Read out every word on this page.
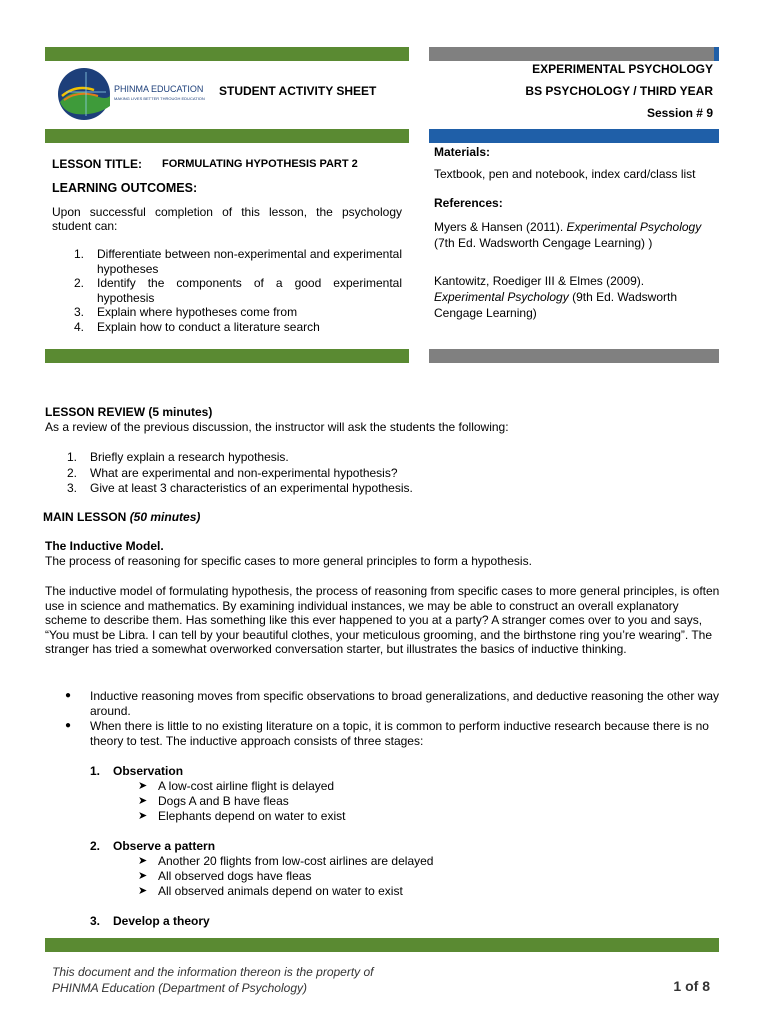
PHINMA EDUCATION
MAKING LIVES BETTER THROUGH EDUCATION
STUDENT ACTIVITY SHEET
EXPERIMENTAL PSYCHOLOGY
BS PSYCHOLOGY / THIRD YEAR
Session # 9
LESSON TITLE: FORMULATING HYPOTHESIS PART 2
LEARNING OUTCOMES:
Upon successful completion of this lesson, the psychology student can:
1. Differentiate between non-experimental and experimental hypotheses
2. Identify the components of a good experimental hypothesis
3. Explain where hypotheses come from
4. Explain how to conduct a literature search
Materials:
Textbook, pen and notebook, index card/class list
References:
Myers & Hansen (2011). Experimental Psychology (7th Ed. Wadsworth Cengage Learning) )
Kantowitz, Roediger III & Elmes (2009). Experimental Psychology (9th Ed. Wadsworth Cengage Learning)
LESSON REVIEW (5 minutes)
As a review of the previous discussion, the instructor will ask the students the following:
1. Briefly explain a research hypothesis.
2. What are experimental and non-experimental hypothesis?
3. Give at least 3 characteristics of an experimental hypothesis.
MAIN LESSON (50 minutes)
The Inductive Model.
The process of reasoning for specific cases to more general principles to form a hypothesis.
The inductive model of formulating hypothesis, the process of reasoning from specific cases to more general principles, is often use in science and mathematics. By examining individual instances, we may be able to construct an overall explanatory scheme to describe them. Has something like this ever happened to you at a party? A stranger comes over to you and says, “You must be Libra. I can tell by your beautiful clothes, your meticulous grooming, and the birthstone ring you’re wearing”. The stranger has tried a somewhat overworked conversation starter, but illustrates the basics of inductive thinking.
● Inductive reasoning moves from specific observations to broad generalizations, and deductive reasoning the other way around.
● When there is little to no existing literature on a topic, it is common to perform inductive research because there is no theory to test. The inductive approach consists of three stages:
1. Observation
➤ A low-cost airline flight is delayed
➤ Dogs A and B have fleas
➤ Elephants depend on water to exist
2. Observe a pattern
➤ Another 20 flights from low-cost airlines are delayed
➤ All observed dogs have fleas
➤ All observed animals depend on water to exist
3. Develop a theory
This document and the information thereon is the property of
PHINMA Education (Department of Psychology)	1 of 8
